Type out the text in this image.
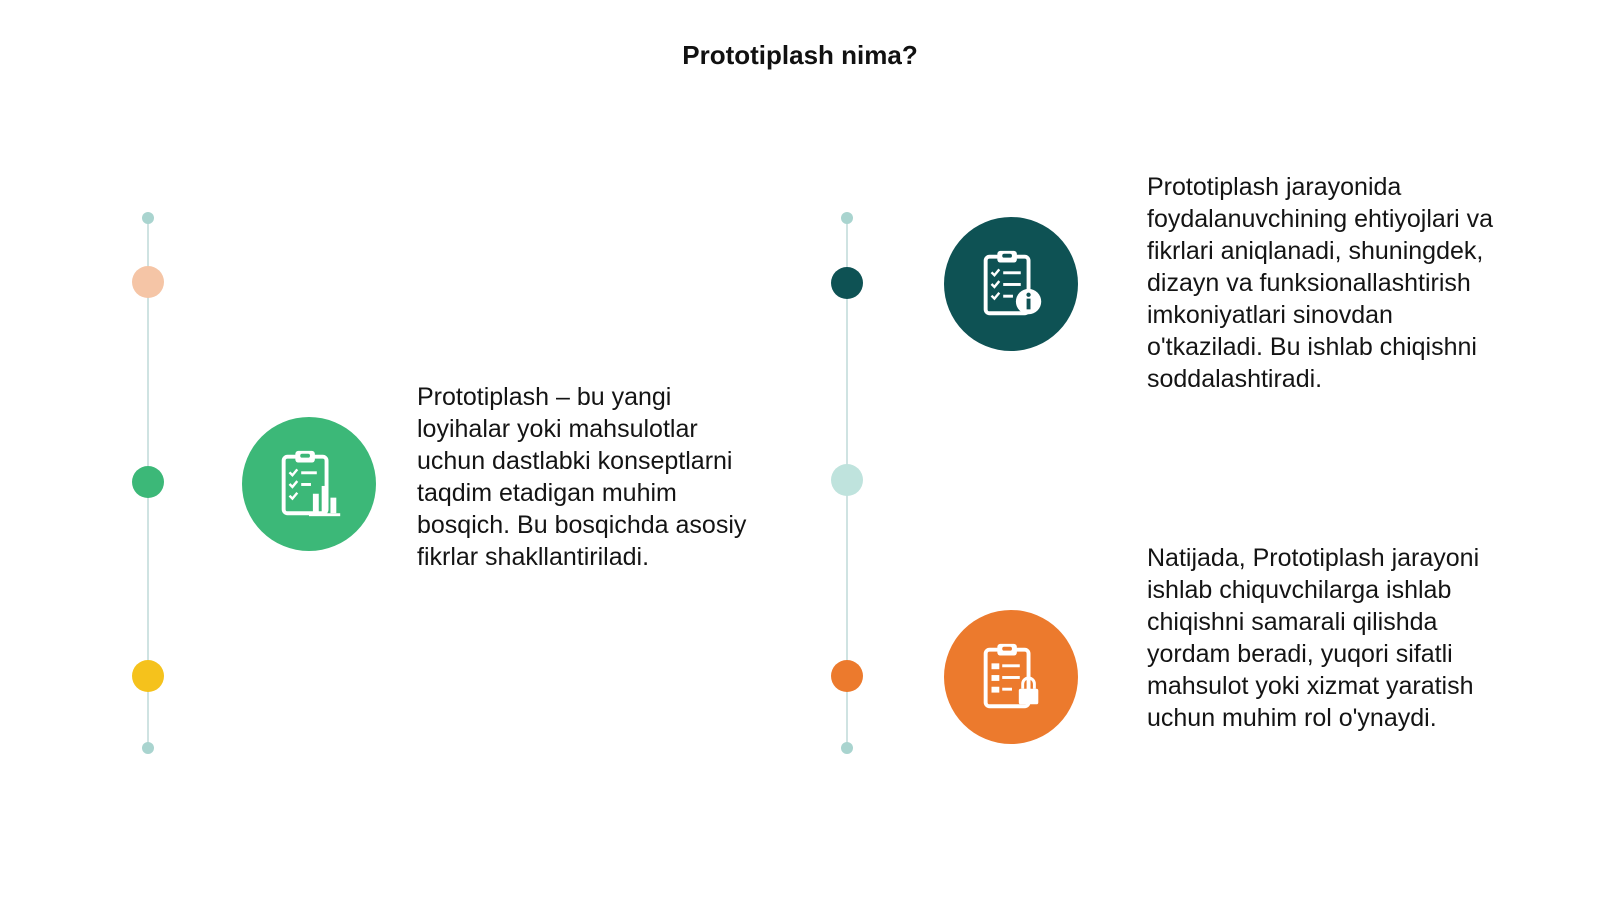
Prototiplash nima?

Prototiplash – bu yangi loyihalar yoki mahsulotlar uchun dastlabki konseptlarni taqdim etadigan muhim bosqich. Bu bosqichda asosiy fikrlar shakllantiriladi.

Prototiplash jarayonida foydalanuvchining ehtiyojlari va fikrlari aniqlanadi, shuningdek, dizayn va funksionallashtirish imkoniyatlari sinovdan o'tkaziladi. Bu ishlab chiqishni soddalashtiradi.

Natijada, Prototiplash jarayoni ishlab chiquvchilarga ishlab chiqishni samarali qilishda yordam beradi, yuqori sifatli mahsulot yoki xizmat yaratish uchun muhim rol o'ynaydi.
